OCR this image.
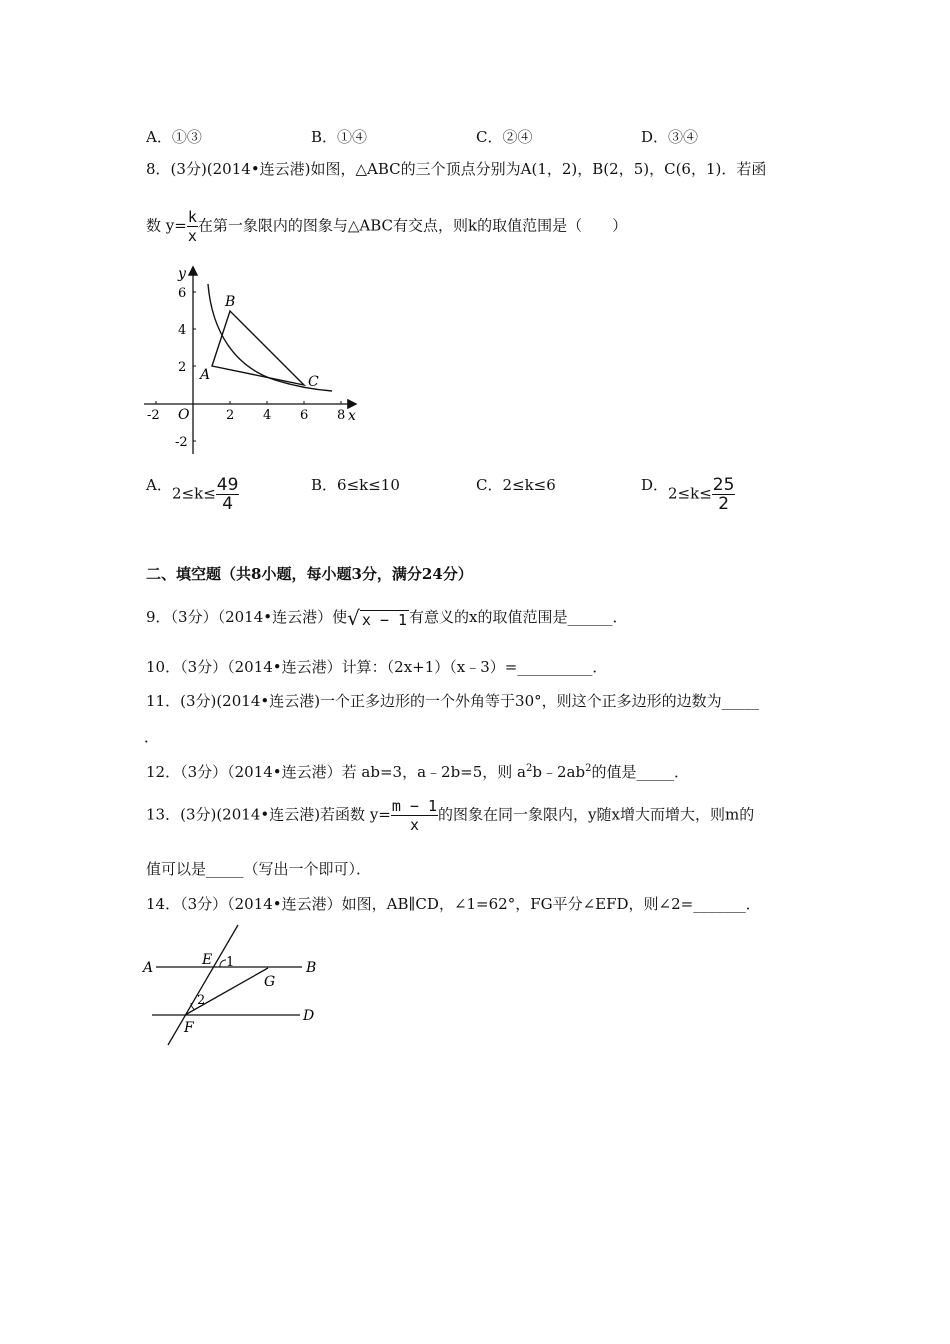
A．①③	B．①④	C．②④	D．③④
8．(3分)(2014•连云港)如图，△ABC的三个顶点分别为A(1，2)，B(2，5)，C(6，1)．若函
数 $y= \frac{k}{x}$ 在第一象限内的图象与△ABC有交点，则k的取值范围是（　　）
y
x
O
6
4
2
-2
-2	2 4 6 8
A
B
C
A． $2\le k\le \frac{49}{4}$	B．6≤k≤10	C．2≤k≤6	D． $2\le k\le \frac{25}{2}$
二、填空题（共8小题，每小题3分，满分24分）
9．（3分）（2014•连云港）使√ x − 1 有意义的x的取值范围是______．
10．（3分）（2014•连云港）计算：（2x+1）（x﹣3）=__________．
11．(3分)(2014•连云港)一个正多边形的一个外角等于30°，则这个正多边形的边数为_____
．
12．（3分）（2014•连云港）若 ab=3，a﹣2b=5，则 $a^2b﹣2ab^2$的值是_____．
13．(3分)(2014•连云港)若函数 $y= \frac{m - 1}{x}$ 的图象在同一象限内，y随x增大而增大，则m的
值可以是_____（写出一个即可）．
14．（3分）（2014•连云港）如图，AB∥CD，∠1=62°，FG平分∠EFD，则∠2=_______．
A	B
D
E 1
G
2
F
